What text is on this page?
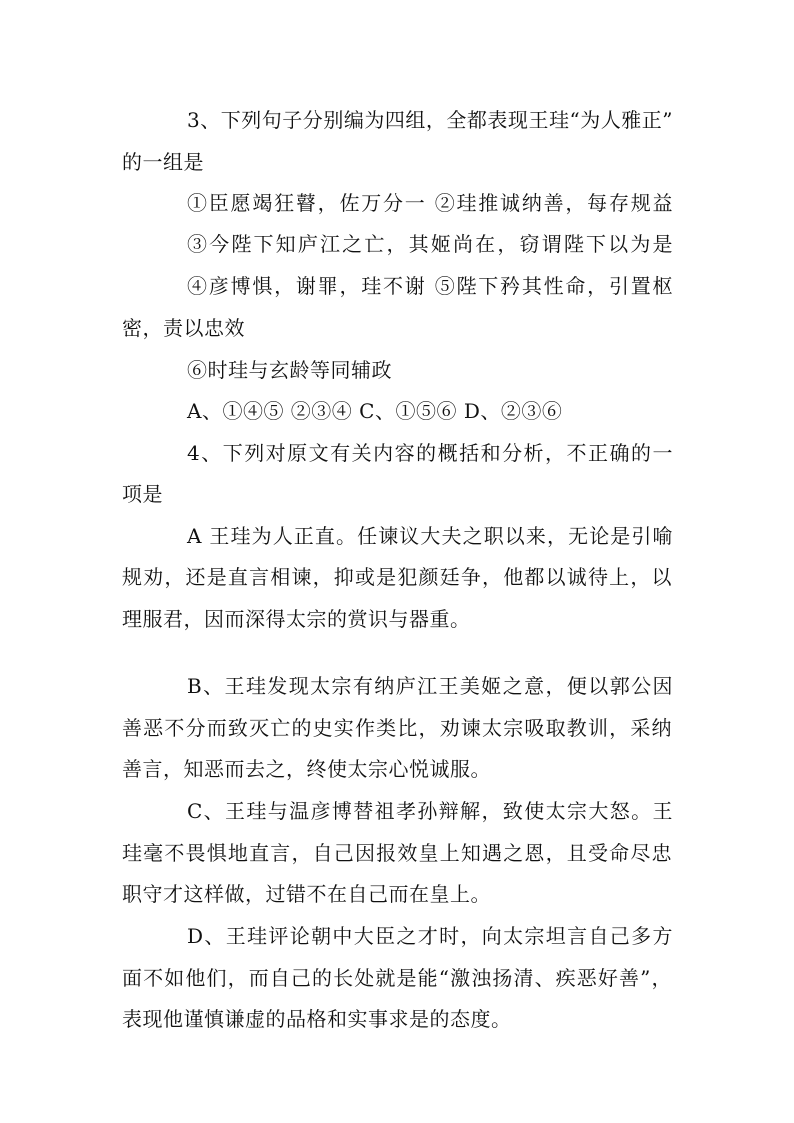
3、下列句子分别编为四组，全都表现王珪“为人雅正”
的一组是
①臣愿竭狂瞽，佐万分一 ②珪推诚纳善，每存规益
③今陛下知庐江之亡，其姬尚在，窃谓陛下以为是
④彦博惧，谢罪，珪不谢 ⑤陛下矜其性命，引置枢
密，责以忠效
⑥时珪与玄龄等同辅政
A、①④⑤ ②③④ C、①⑤⑥ D、②③⑥
4、下列对原文有关内容的概括和分析，不正确的一
项是
A 王珪为人正直。任谏议大夫之职以来，无论是引喻
规劝，还是直言相谏，抑或是犯颜廷争，他都以诚待上，以
理服君，因而深得太宗的赏识与器重。
B、王珪发现太宗有纳庐江王美姬之意，便以郭公因
善恶不分而致灭亡的史实作类比，劝谏太宗吸取教训，采纳
善言，知恶而去之，终使太宗心悦诚服。
C、王珪与温彦博替祖孝孙辩解，致使太宗大怒。王
珪毫不畏惧地直言，自己因报效皇上知遇之恩，且受命尽忠
职守才这样做，过错不在自己而在皇上。
D、王珪评论朝中大臣之才时，向太宗坦言自己多方
面不如他们，而自己的长处就是能“激浊扬清、疾恶好善”，
表现他谨慎谦虚的品格和实事求是的态度。
